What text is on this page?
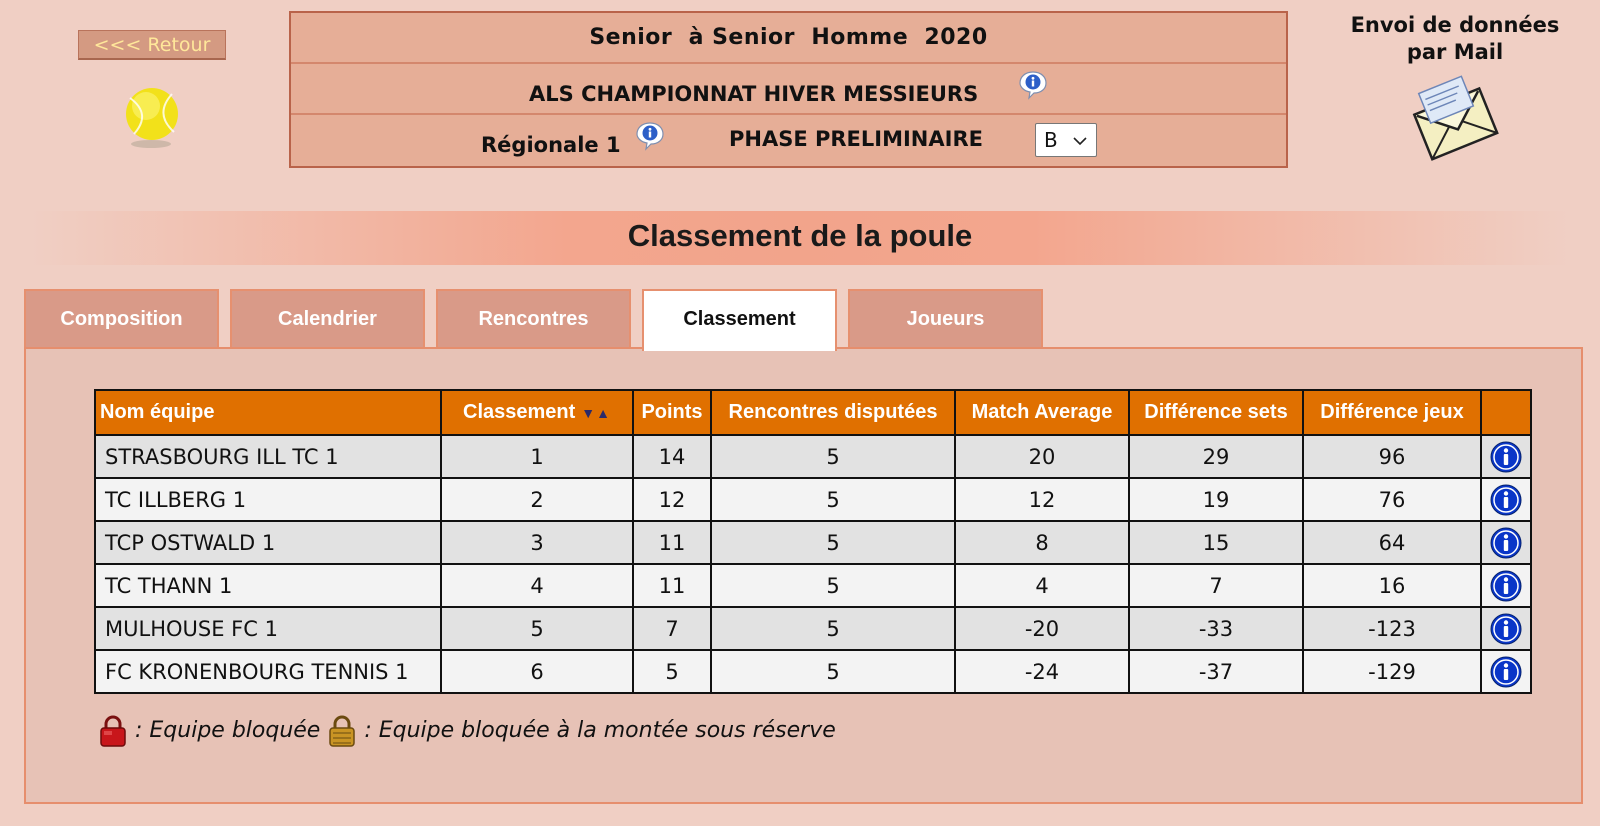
<<< Retour	Senior  à Senior  Homme  2020
ALS CHAMPIONNAT HIVER MESSIEURS
Régionale 1	PHASE PRELIMINAIRE	B
Envoi de données
par Mail
Classement de la poule
Composition	Calendrier	Rencontres	Classement	Joueurs
Nom équipe	Classement ▼▲	Points	Rencontres disputées	Match Average	Différence sets	Différence jeux	
STRASBOURG ILL TC 1	1	14	5	20	29	96	
TC ILLBERG 1	2	12	5	12	19	76	
TCP OSTWALD 1	3	11	5	8	15	64	
TC THANN 1	4	11	5	4	7	16	
MULHOUSE FC 1	5	7	5	-20	-33	-123	
FC KRONENBOURG TENNIS 1	6	5	5	-24	-37	-129	
: Equipe bloquée : Equipe bloquée à la montée sous réserve
